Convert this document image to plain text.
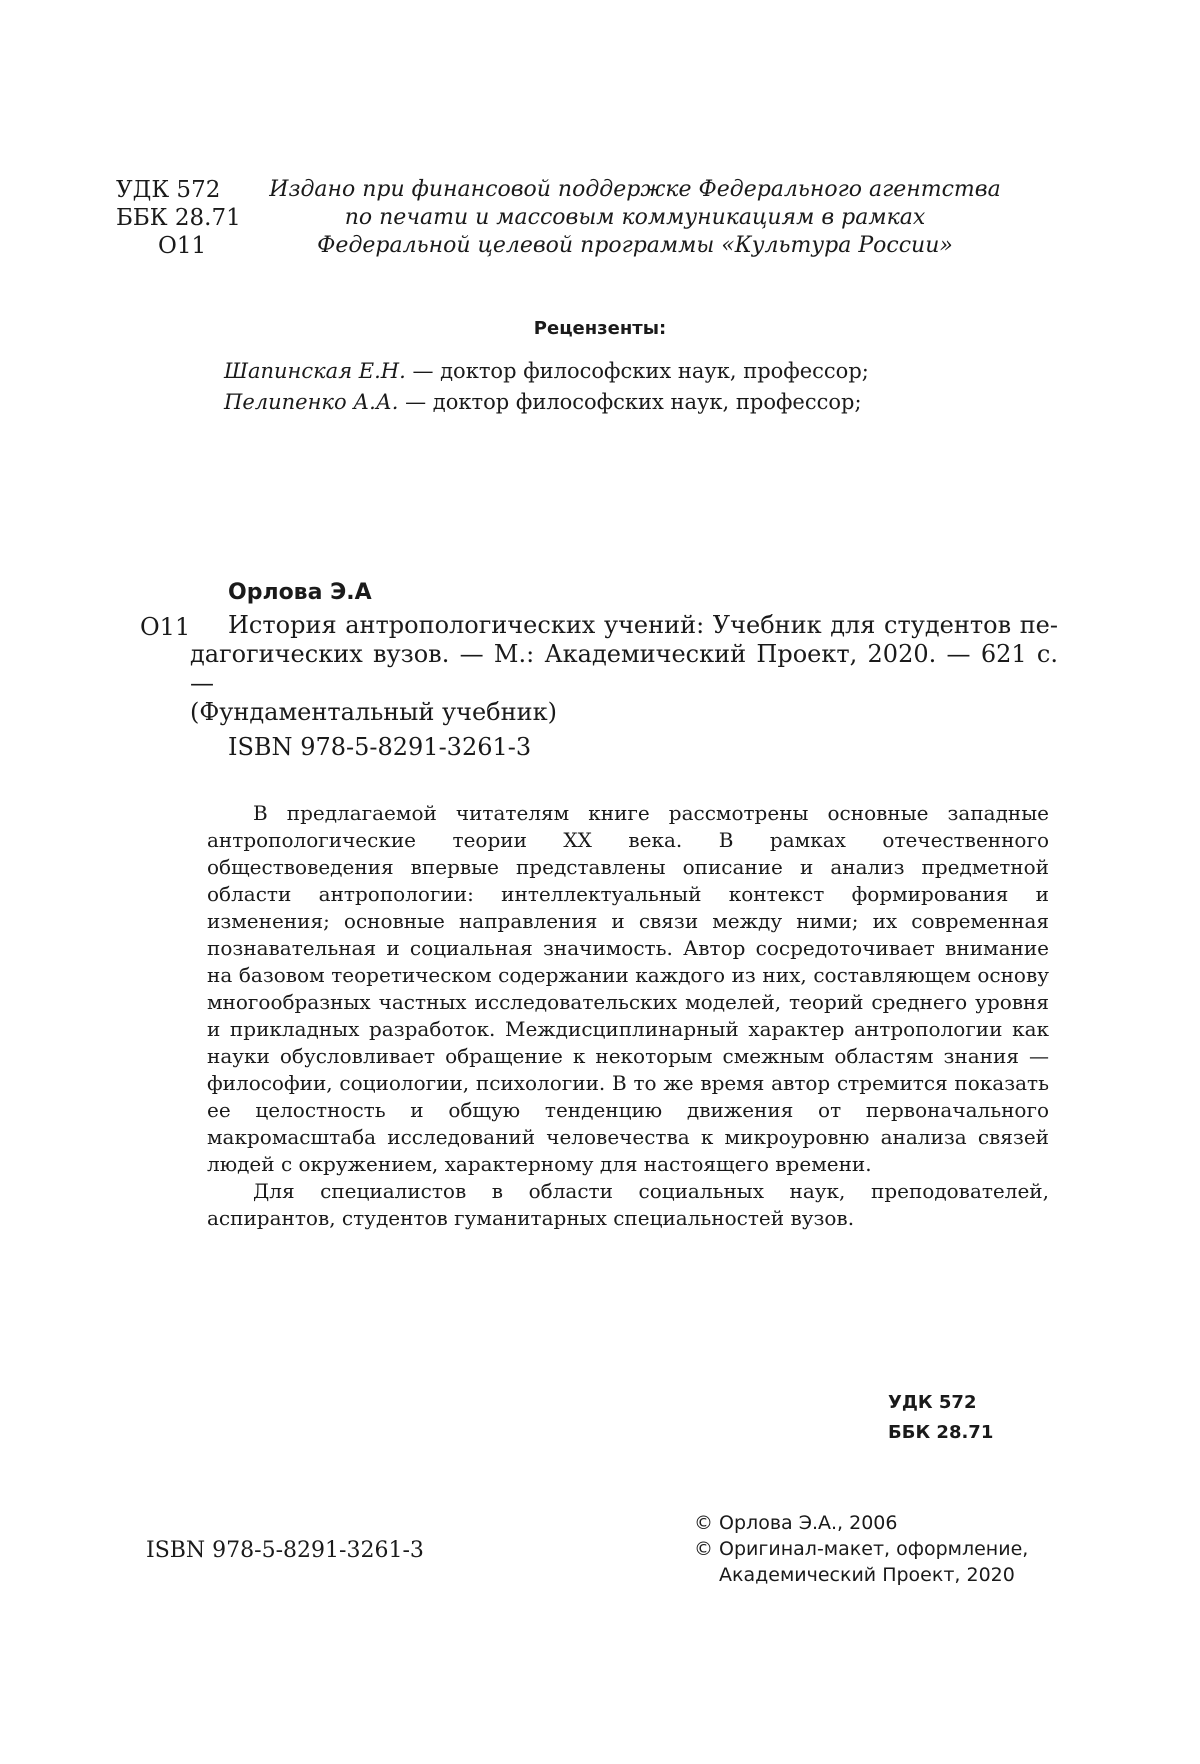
УДК 572
ББК 28.71
О11
Издано при финансовой поддержке Федерального агентства
по печати и массовым коммуникациям в рамках
Федеральной целевой программы «Культура России»
Рецензенты:
Шапинская Е.Н. — доктор философских наук, профессор;
Пелипенко А.А. — доктор философских наук, профессор;
Орлова Э.А
О11 История антропологических учений: Учебник для студентов пе-
дагогических вузов. — М.: Академический Проект, 2020. — 621 с. —
(Фундаментальный учебник)
ISBN 978-5-8291-3261-3

В предлагаемой читателям книге рассмотрены основные западные антропологические теории XX века. В рамках отечественного обществоведения впервые представлены описание и анализ предметной области антропологии: интеллектуальный контекст формирования и изменения; основные направления и связи между ними; их современная познавательная и социальная значимость. Автор сосредоточивает внимание на базовом теоретическом содержании каждого из них, составляющем основу многообразных частных исследовательских моделей, теорий среднего уровня и прикладных разработок. Междисциплинарный характер антропологии как науки обусловливает обращение к некоторым смежным областям знания — философии, социологии, психологии. В то же время автор стремится показать ее целостность и общую тенденцию движения от первоначального макромасштаба исследований человечества к микроуровню анализа связей людей с окружением, характерному для настоящего времени.

Для специалистов в области социальных наук, преподователей, аспирантов, студентов гуманитарных специальностей вузов.

УДК 572
ББК 28.71
ISBN 978-5-8291-3261-3
© Орлова Э.А., 2006
© Оригинал-макет, оформление,
Академический Проект, 2020
